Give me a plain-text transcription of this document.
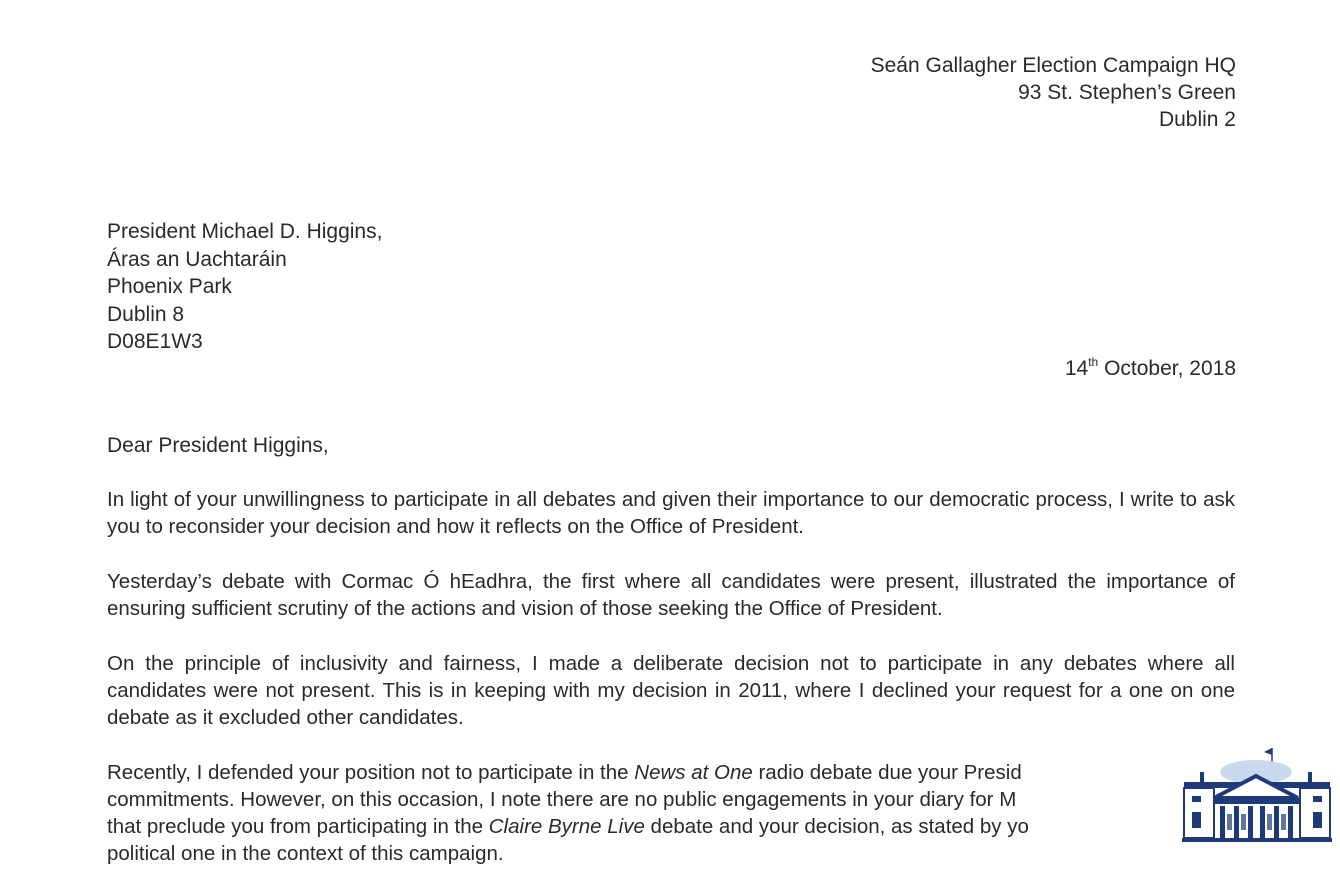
Seán Gallagher Election Campaign HQ
93 St. Stephen’s Green
Dublin 2
President Michael D. Higgins,
Áras an Uachtaráin
Phoenix Park
Dublin 8
D08E1W3
14th October, 2018
Dear President Higgins,

In light of your unwillingness to participate in all debates and given their importance to our democratic process, I write to ask you to reconsider your decision and how it reflects on the Office of President.

Yesterday’s debate with Cormac Ó hEadhra, the first where all candidates were present, illustrated the importance of ensuring sufficient scrutiny of the actions and vision of those seeking the Office of President.

On the principle of inclusivity and fairness, I made a deliberate decision not to participate in any debates where all candidates were not present. This is in keeping with my decision in 2011, where I declined your request for a one on one debate as it excluded other candidates.

Recently, I defended your position not to participate in the News at One radio debate due your Presid
commitments. However, on this occasion, I note there are no public engagements in your diary for M
that preclude you from participating in the Claire Byrne Live debate and your decision, as stated by yo
political one in the context of this campaign.
